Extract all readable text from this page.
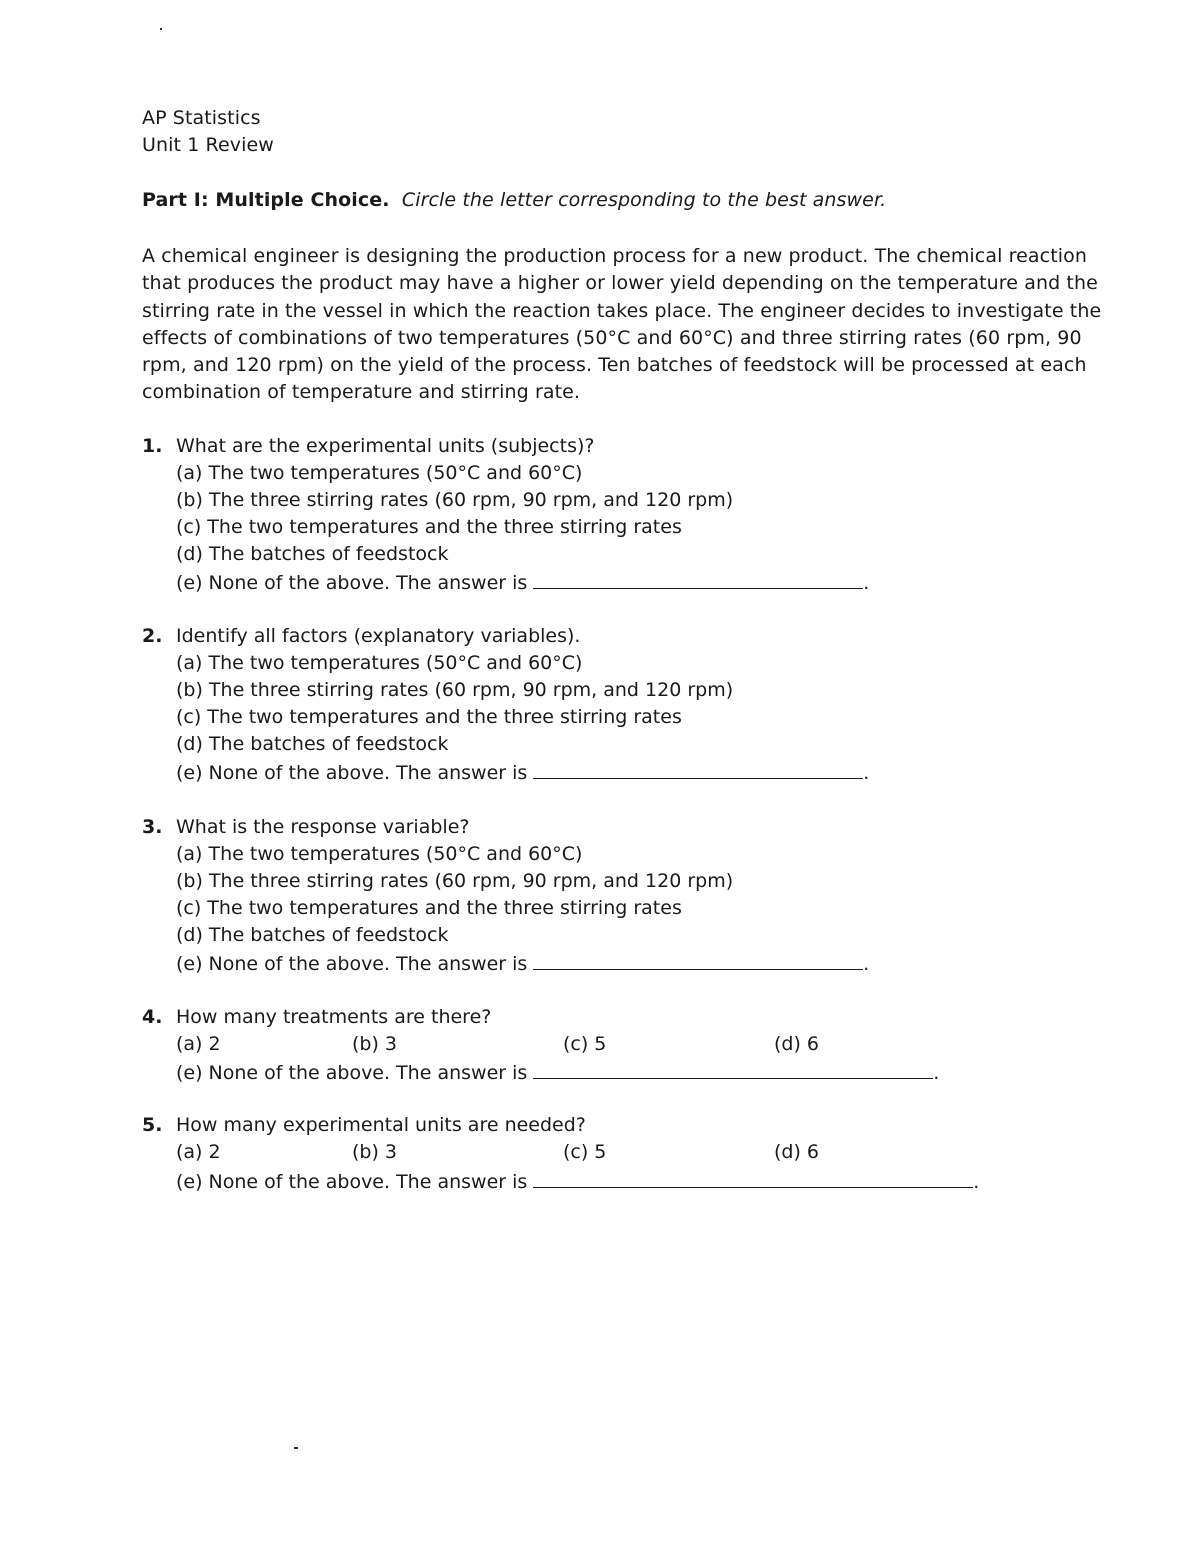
AP Statistics
Unit 1 Review
Part I: Multiple Choice. Circle the letter corresponding to the best answer.
A chemical engineer is designing the production process for a new product. The chemical reaction that produces the product may have a higher or lower yield depending on the temperature and the stirring rate in the vessel in which the reaction takes place. The engineer decides to investigate the effects of combinations of two temperatures (50°C and 60°C) and three stirring rates (60 rpm, 90 rpm, and 120 rpm) on the yield of the process. Ten batches of feedstock will be processed at each combination of temperature and stirring rate.
1. What are the experimental units (subjects)?
(a) The two temperatures (50°C and 60°C)
(b) The three stirring rates (60 rpm, 90 rpm, and 120 rpm)
(c) The two temperatures and the three stirring rates
(d) The batches of feedstock
(e) None of the above. The answer is	.
2. Identify all factors (explanatory variables).
(a) The two temperatures (50°C and 60°C)
(b) The three stirring rates (60 rpm, 90 rpm, and 120 rpm)
(c) The two temperatures and the three stirring rates
(d) The batches of feedstock
(e) None of the above. The answer is	.
3. What is the response variable?
(a) The two temperatures (50°C and 60°C)
(b) The three stirring rates (60 rpm, 90 rpm, and 120 rpm)
(c) The two temperatures and the three stirring rates
(d) The batches of feedstock
(e) None of the above. The answer is	.
4. How many treatments are there?
(a) 2	(b) 3	(c) 5	(d) 6
(e) None of the above. The answer is	.
5. How many experimental units are needed?
(a) 2	(b) 3	(c) 5	(d) 6
(e) None of the above. The answer is	.
